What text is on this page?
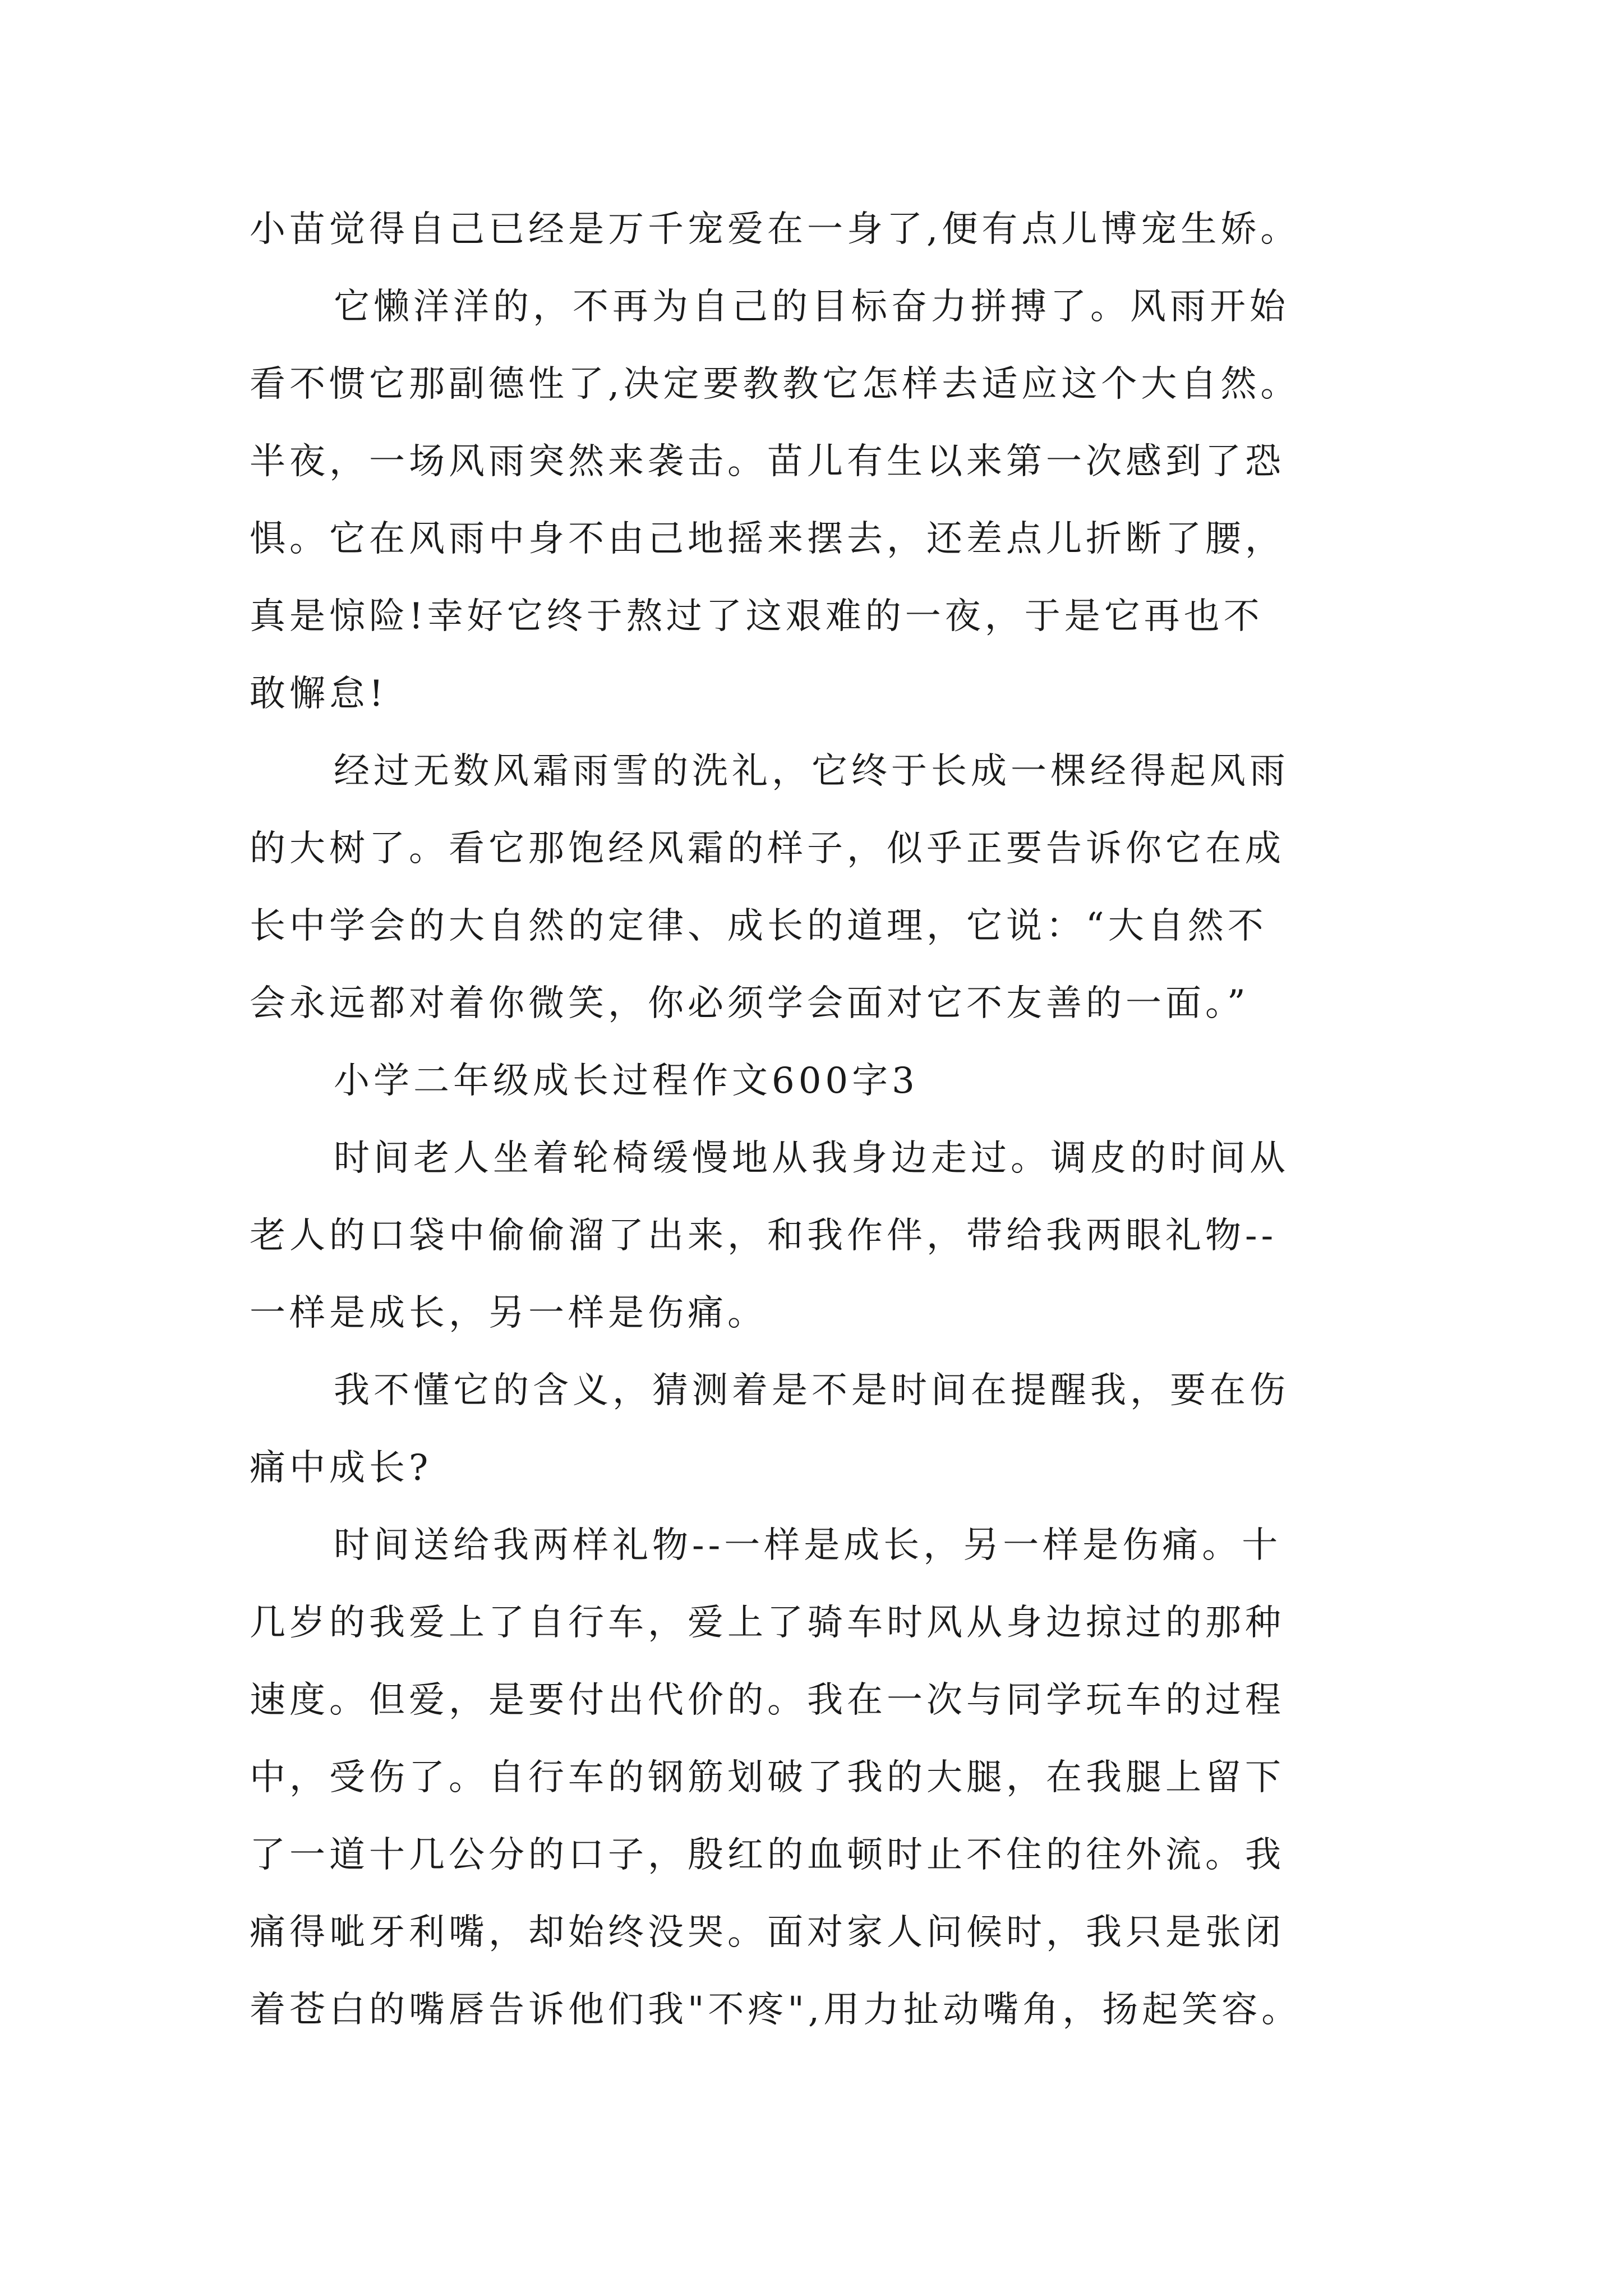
小苗觉得自己已经是万千宠爱在一身了,便有点儿博宠生娇。
它懒洋洋的，不再为自己的目标奋力拼搏了。风雨开始
看不惯它那副德性了,决定要教教它怎样去适应这个大自然。
半夜，一场风雨突然来袭击。苗儿有生以来第一次感到了恐
惧。它在风雨中身不由己地摇来摆去，还差点儿折断了腰，
真是惊险!幸好它终于熬过了这艰难的一夜，于是它再也不
敢懈怠!
经过无数风霜雨雪的洗礼，它终于长成一棵经得起风雨
的大树了。看它那饱经风霜的样子，似乎正要告诉你它在成
长中学会的大自然的定律、成长的道理，它说：“大自然不
会永远都对着你微笑，你必须学会面对它不友善的一面。”
小学二年级成长过程作文600字3
时间老人坐着轮椅缓慢地从我身边走过。调皮的时间从
老人的口袋中偷偷溜了出来，和我作伴，带给我两眼礼物--
一样是成长，另一样是伤痛。
我不懂它的含义，猜测着是不是时间在提醒我，要在伤
痛中成长?
时间送给我两样礼物--一样是成长，另一样是伤痛。十
几岁的我爱上了自行车，爱上了骑车时风从身边掠过的那种
速度。但爱，是要付出代价的。我在一次与同学玩车的过程
中，受伤了。自行车的钢筋划破了我的大腿，在我腿上留下
了一道十几公分的口子，殷红的血顿时止不住的往外流。我
痛得呲牙利嘴，却始终没哭。面对家人问候时，我只是张闭
着苍白的嘴唇告诉他们我"不疼",用力扯动嘴角，扬起笑容。
